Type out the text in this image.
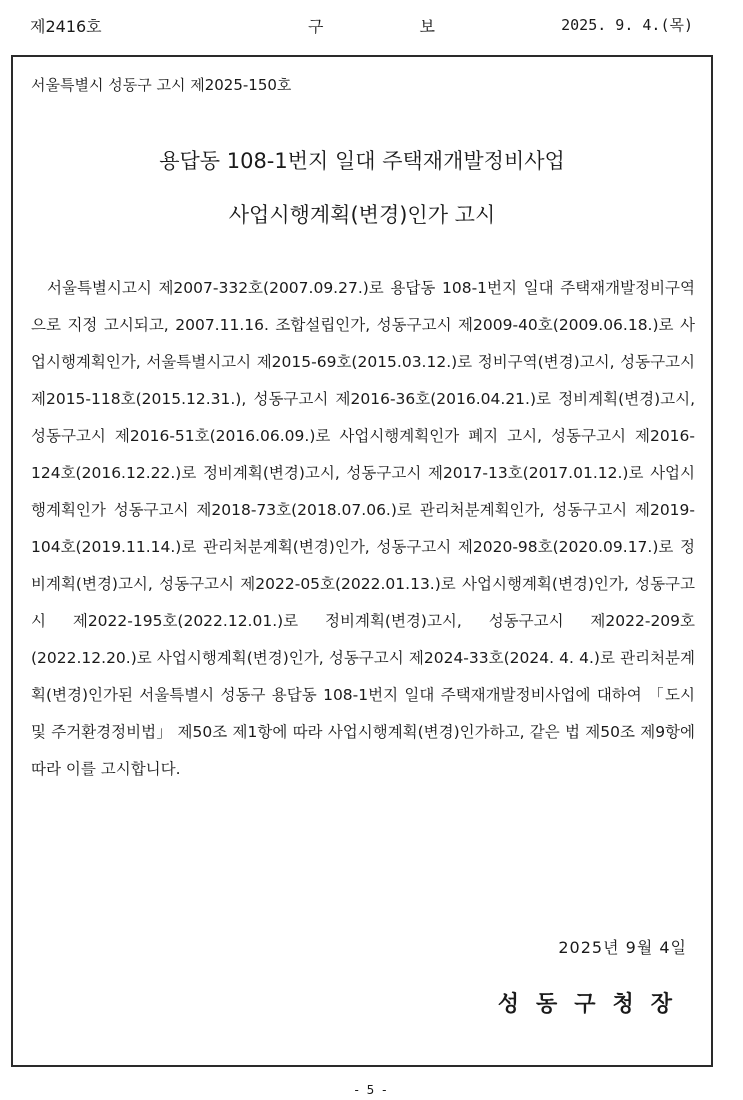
제2416호	구	보	2025. 9. 4.(목)
서울특별시 성동구 고시 제2025-150호
용답동 108-1번지 일대 주택재개발정비사업
사업시행계획(변경)인가 고시
서울특별시고시 제2007-332호(2007.09.27.)로 용답동 108-1번지 일대 주택재개발정비구역으로 지정 고시되고, 2007.11.16. 조합설립인가, 성동구고시 제2009-40호(2009.06.18.)로 사업시행계획인가, 서울특별시고시 제2015-69호(2015.03.12.)로 정비구역(변경)고시, 성동구고시 제2015-118호(2015.12.31.), 성동구고시 제2016-36호(2016.04.21.)로 정비계획(변경)고시, 성동구고시 제2016-51호(2016.06.09.)로 사업시행계획인가 폐지 고시, 성동구고시 제2016-124호(2016.12.22.)로 정비계획(변경)고시, 성동구고시 제2017-13호(2017.01.12.)로 사업시행계획인가 성동구고시 제2018-73호(2018.07.06.)로 관리처분계획인가, 성동구고시 제2019-104호(2019.11.14.)로 관리처분계획(변경)인가, 성동구고시 제2020-98호(2020.09.17.)로 정비계획(변경)고시, 성동구고시 제2022-05호(2022.01.13.)로 사업시행계획(변경)인가, 성동구고시 제2022-195호(2022.12.01.)로 정비계획(변경)고시, 성동구고시 제2022-209호(2022.12.20.)로 사업시행계획(변경)인가, 성동구고시 제2024-33호(2024. 4. 4.)로 관리처분계획(변경)인가된 서울특별시 성동구 용답동 108-1번지 일대 주택재개발정비사업에 대하여 「도시 및 주거환경정비법」 제50조 제1항에 따라 사업시행계획(변경)인가하고, 같은 법 제50조 제9항에 따라 이를 고시합니다.
2025년 9월 4일
성동구청장
- 5 -
